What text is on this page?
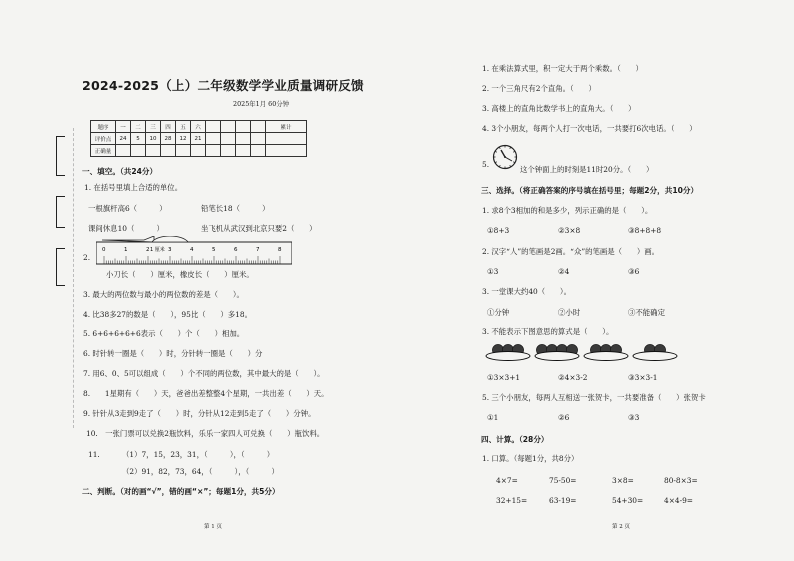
2024-2025（上）二年级数学学业质量调研反馈
2025年1月 60分钟
题序	一	二	三	四	五	六					累计
评价点	24	5	10	28	12	21					
正确量											
一、填空。（共24分）
1. 在括号里填上合适的单位。
一根旗杆高6（　　　）	铅笔长18（　　　）
课间休息10（　　　）	坐飞机从武汉到北京只要2（　　）
2.
0	1	2	3	4	5	6	7	8
1 厘米
小刀长（　　）厘米，橡皮长（　　）厘米。
3. 最大的两位数与最小的两位数的差是（　　）。
4. 比38多27的数是（　　），95比（　　）多18。
5. 6+6+6+6+6表示（　　）个（　　）相加。
6. 时针转一圈是（　　）时，分针转一圈是（　　）分
7. 用6、0、5可以组成（　　）个不同的两位数，其中最大的是（　　）。
8.　　1星期有（　　）天，爸爸出差整整4个星期，一共出差（　　）天。
9. 针针从3走到9走了（　　）时，分针从12走到5走了（　　）分钟。
10.　一张门票可以兑换2瓶饮料，乐乐一家四人可兑换（　　）瓶饮料。
11.	（1）7，15，23，31，（　　　），（　　　）
（2）91，82，73，64，（　　　），（　　　）
二、判断。（对的画“√”，错的画“×”；每题1分，共5分）
第 1 页
1. 在乘法算式里，积一定大于两个乘数。（　　）
2. 一个三角尺有2个直角。（　　）
3. 高楼上的直角比数学书上的直角大。（　　）
4. 3个小朋友，每两个人打一次电话，一共要打6次电话。（　　）
5.
这个钟面上的时刻是11时20分。（　　）
三、选择。（将正确答案的序号填在括号里；每题2分，共10分）
1. 求8个3相加的和是多少，列示正确的是（　　）。
①8+3	②3×8	③8+8+8
2. 汉字“人”的笔画是2画。“众”的笔画是（　　）画。
①3	②4	③6
3. 一堂课大约40（　　）。
①分钟	②小时	③不能确定
3. 不能表示下图意思的算式是（　　）。
①3×3+1	②4×3-2	③3×3-1
5. 三个小朋友，每两人互相送一张贺卡，一共要准备（　　）张贺卡
①1	②6	③3
四、计算。（28分）
1. 口算。（每题1分，共8分）
4×7=	75-50=	3×8=	80-8×3=
32+15=	63-19=	54+30=	4×4-9=
第 2 页
